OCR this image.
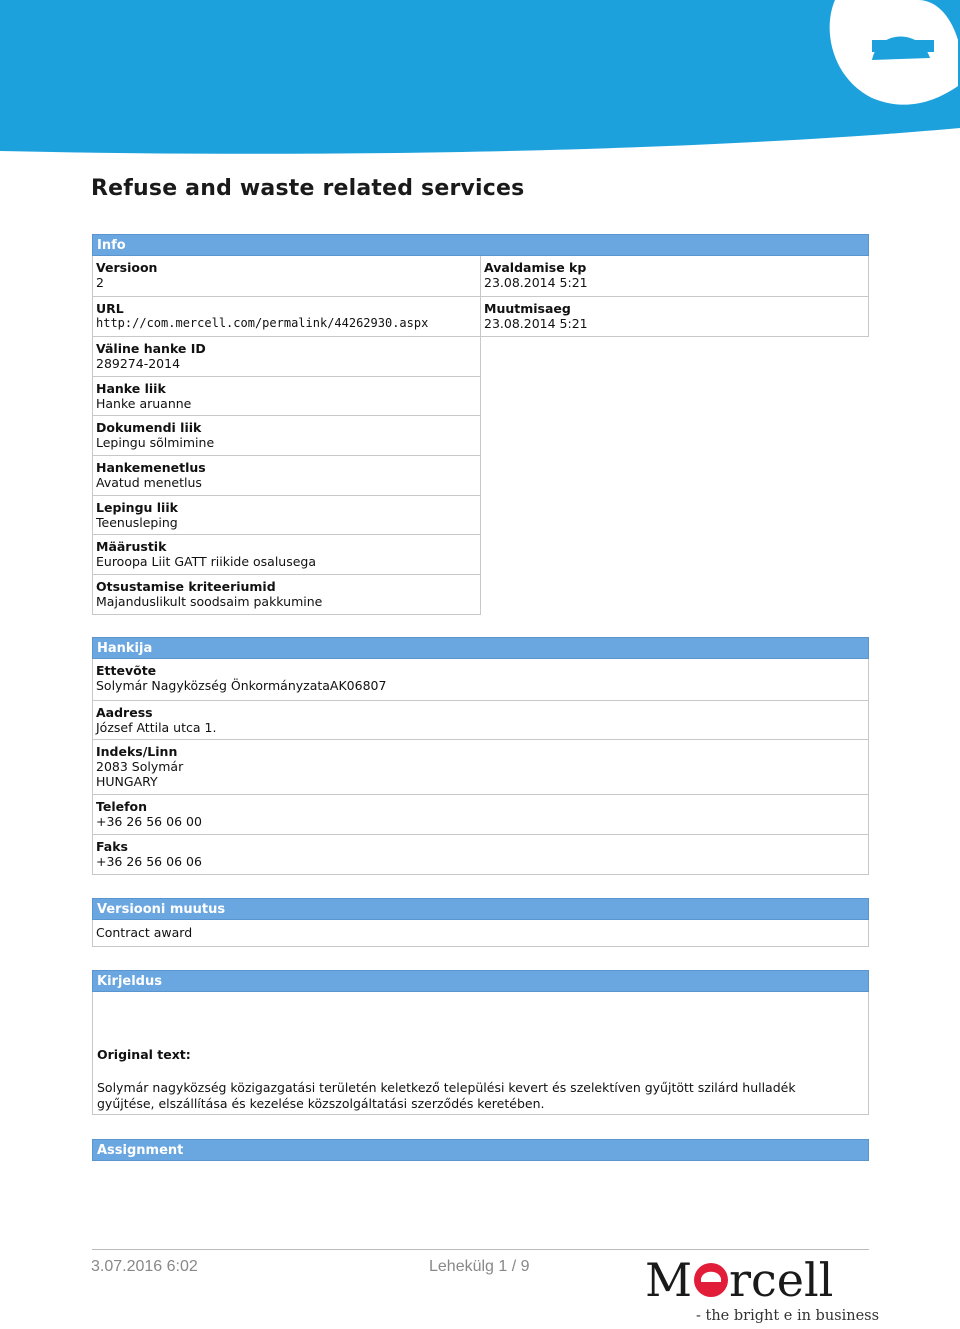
Refuse and waste related services
Info
Versioon
2
URL
http://com.mercell.com/permalink/44262930.aspx
Väline hanke ID
289274-2014
Hanke liik
Hanke aruanne
Dokumendi liik
Lepingu sõlmimine
Hankemenetlus
Avatud menetlus
Lepingu liik
Teenusleping
Määrustik
Euroopa Liit GATT riikide osalusega
Otsustamise kriteeriumid
Majanduslikult soodsaim pakkumine
Avaldamise kp
23.08.2014 5:21
Muutmisaeg
23.08.2014 5:21
Hankija
Ettevõte
Solymár Nagyközség ÖnkormányzataAK06807
Aadress
József Attila utca 1.
Indeks/Linn
2083 Solymár
HUNGARY
Telefon
+36 26 56 06 00
Faks
+36 26 56 06 06
Versiooni muutus
Contract award
Kirjeldus
Original text:
Solymár nagyközség közigazgatási területén keletkező települési kevert és szelektíven gyűjtött szilárd hulladék gyűjtése, elszállítása és kezelése közszolgáltatási szerződés keretében.
Assignment
3.07.2016 6:02	Lehekülg 1 / 9	M rcell
- the bright e in business
